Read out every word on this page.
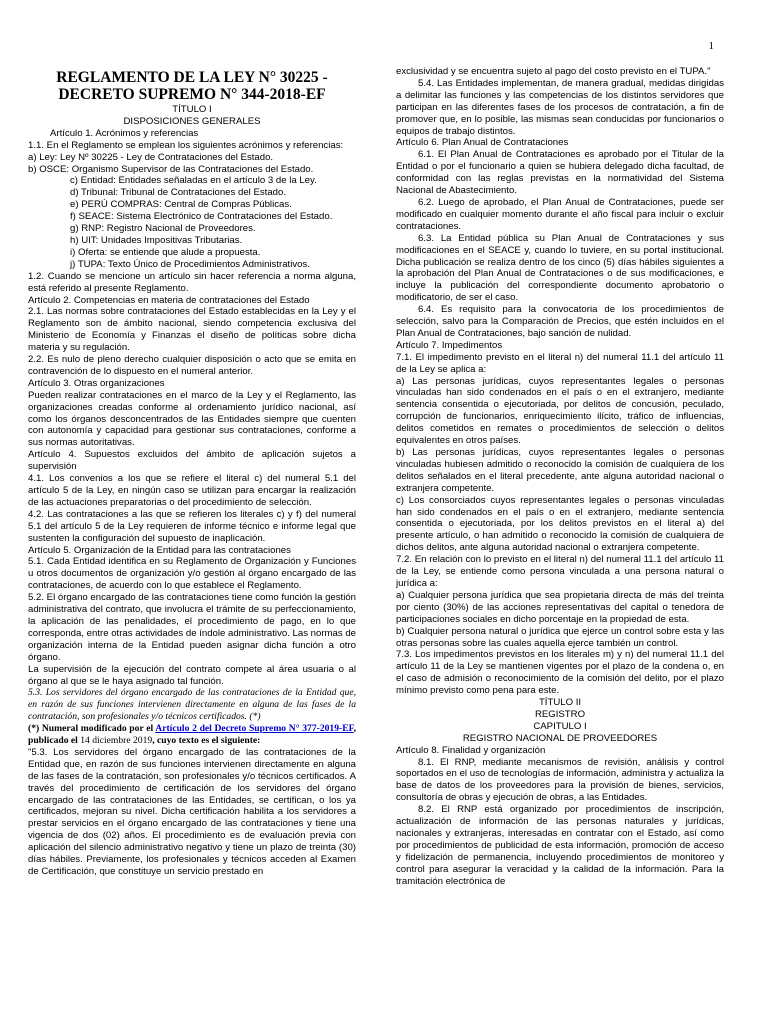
1
REGLAMENTO DE LA LEY N° 30225 -
DECRETO SUPREMO N° 344-2018-EF

TÍTULO I

DISPOSICIONES GENERALES

Artículo 1. Acrónimos y referencias

1.1. En el Reglamento se emplean los siguientes acrónimos y referencias:

a) Ley: Ley Nº 30225 - Ley de Contrataciones del Estado.

b) OSCE: Organismo Supervisor de las Contrataciones del Estado.

c) Entidad: Entidades señaladas en el artículo 3 de la Ley.

d) Tribunal: Tribunal de Contrataciones del Estado.

e) PERÚ COMPRAS: Central de Compras Públicas.

f) SEACE: Sistema Electrónico de Contrataciones del Estado.

g) RNP: Registro Nacional de Proveedores.

h) UIT: Unidades Impositivas Tributarias.

i) Oferta: se entiende que alude a propuesta.

j) TUPA: Texto Único de Procedimientos Administrativos.

1.2. Cuando se mencione un artículo sin hacer referencia a norma alguna, está referido al presente Reglamento.

Artículo 2. Competencias en materia de contrataciones del Estado

2.1. Las normas sobre contrataciones del Estado establecidas en la Ley y el Reglamento son de ámbito nacional, siendo competencia exclusiva del Ministerio de Economía y Finanzas el diseño de políticas sobre dicha materia y su regulación.

2.2. Es nulo de pleno derecho cualquier disposición o acto que se emita en contravención de lo dispuesto en el numeral anterior.

Artículo 3. Otras organizaciones

Pueden realizar contrataciones en el marco de la Ley y el Reglamento, las organizaciones creadas conforme al ordenamiento jurídico nacional, así como los órganos desconcentrados de las Entidades siempre que cuenten con autonomía y capacidad para gestionar sus contrataciones, conforme a sus normas autoritativas.

Artículo 4. Supuestos excluidos del ámbito de aplicación sujetos a supervisión

4.1. Los convenios a los que se refiere el literal c) del numeral 5.1 del artículo 5 de la Ley, en ningún caso se utilizan para encargar la realización de las actuaciones preparatorias o del procedimiento de selección.

4.2. Las contrataciones a las que se refieren los literales c) y f) del numeral 5.1 del artículo 5 de la Ley requieren de informe técnico e informe legal que sustenten la configuración del supuesto de inaplicación.

Artículo 5. Organización de la Entidad para las contrataciones

5.1. Cada Entidad identifica en su Reglamento de Organización y Funciones u otros documentos de organización y/o gestión al órgano encargado de las contrataciones, de acuerdo con lo que establece el Reglamento.

5.2. El órgano encargado de las contrataciones tiene como función la gestión administrativa del contrato, que involucra el trámite de su perfeccionamiento, la aplicación de las penalidades, el procedimiento de pago, en lo que corresponda, entre otras actividades de índole administrativo. Las normas de organización interna de la Entidad pueden asignar dicha función a otro órgano.

La supervisión de la ejecución del contrato compete al área usuaria o al órgano al que se le haya asignado tal función.

5.3. Los servidores del órgano encargado de las contrataciones de la Entidad que, en razón de sus funciones intervienen directamente en alguna de las fases de la contratación, son profesionales y/o técnicos certificados. (*)

(*) Numeral modificado por el Artículo 2 del Decreto Supremo N° 377-2019-EF, publicado el 14 diciembre 2019, cuyo texto es el siguiente:

"5.3. Los servidores del órgano encargado de las contrataciones de la Entidad que, en razón de sus funciones intervienen directamente en alguna de las fases de la contratación, son profesionales y/o técnicos certificados. A través del procedimiento de certificación de los servidores del órgano encargado de las contrataciones de las Entidades, se certifican, o los ya certificados, mejoran su nivel. Dicha certificación habilita a los servidores a prestar servicios en el órgano encargado de las contrataciones y tiene una vigencia de dos (02) años. El procedimiento es de evaluación previa con aplicación del silencio administrativo negativo y tiene un plazo de treinta (30) días hábiles. Previamente, los profesionales y técnicos acceden al Examen de Certificación, que constituye un servicio prestado en

exclusividad y se encuentra sujeto al pago del costo previsto en el TUPA."

5.4. Las Entidades implementan, de manera gradual, medidas dirigidas a delimitar las funciones y las competencias de los distintos servidores que participan en las diferentes fases de los procesos de contratación, a fin de promover que, en lo posible, las mismas sean conducidas por funcionarios o equipos de trabajo distintos.

Artículo 6. Plan Anual de Contrataciones

6.1. El Plan Anual de Contrataciones es aprobado por el Titular de la Entidad o por el funcionario a quien se hubiera delegado dicha facultad, de conformidad con las reglas previstas en la normatividad del Sistema Nacional de Abastecimiento.

6.2. Luego de aprobado, el Plan Anual de Contrataciones, puede ser modificado en cualquier momento durante el año fiscal para incluir o excluir contrataciones.

6.3. La Entidad pública su Plan Anual de Contrataciones y sus modificaciones en el SEACE y, cuando lo tuviere, en su portal institucional. Dicha publicación se realiza dentro de los cinco (5) días hábiles siguientes a la aprobación del Plan Anual de Contrataciones o de sus modificaciones, e incluye la publicación del correspondiente documento aprobatorio o modificatorio, de ser el caso.

6.4. Es requisito para la convocatoria de los procedimientos de selección, salvo para la Comparación de Precios, que estén incluidos en el Plan Anual de Contrataciones, bajo sanción de nulidad.

Artículo 7. Impedimentos

7.1. El impedimento previsto en el literal n) del numeral 11.1 del artículo 11 de la Ley se aplica a:

a) Las personas jurídicas, cuyos representantes legales o personas vinculadas han sido condenados en el país o en el extranjero, mediante sentencia consentida o ejecutoriada, por delitos de concusión, peculado, corrupción de funcionarios, enriquecimiento ilícito, tráfico de influencias, delitos cometidos en remates o procedimientos de selección o delitos equivalentes en otros países.

b) Las personas jurídicas, cuyos representantes legales o personas vinculadas hubiesen admitido o reconocido la comisión de cualquiera de los delitos señalados en el literal precedente, ante alguna autoridad nacional o extranjera competente.

c) Los consorciados cuyos representantes legales o personas vinculadas han sido condenados en el país o en el extranjero, mediante sentencia consentida o ejecutoriada, por los delitos previstos en el literal a) del presente artículo, o han admitido o reconocido la comisión de cualquiera de dichos delitos, ante alguna autoridad nacional o extranjera competente.

7.2. En relación con lo previsto en el literal n) del numeral 11.1 del artículo 11 de la Ley, se entiende como persona vinculada a una persona natural o jurídica a:

a) Cualquier persona jurídica que sea propietaria directa de más del treinta por ciento (30%) de las acciones representativas del capital o tenedora de participaciones sociales en dicho porcentaje en la propiedad de esta.

b) Cualquier persona natural o jurídica que ejerce un control sobre esta y las otras personas sobre las cuales aquella ejerce también un control.

7.3. Los impedimentos previstos en los literales m) y n) del numeral 11.1 del artículo 11 de la Ley se mantienen vigentes por el plazo de la condena o, en el caso de admisión o reconocimiento de la comisión del delito, por el plazo mínimo previsto como pena para este.

TÍTULO II

REGISTRO

CAPITULO I

REGISTRO NACIONAL DE PROVEEDORES

Artículo 8. Finalidad y organización

8.1. El RNP, mediante mecanismos de revisión, análisis y control soportados en el uso de tecnologías de información, administra y actualiza la base de datos de los proveedores para la provisión de bienes, servicios, consultoría de obras y ejecución de obras, a las Entidades.

8.2. El RNP está organizado por procedimientos de inscripción, actualización de información de las personas naturales y jurídicas, nacionales y extranjeras, interesadas en contratar con el Estado, así como por procedimientos de publicidad de esta información, promoción de acceso y fidelización de permanencia, incluyendo procedimientos de monitoreo y control para asegurar la veracidad y la calidad de la información. Para la tramitación electrónica de
